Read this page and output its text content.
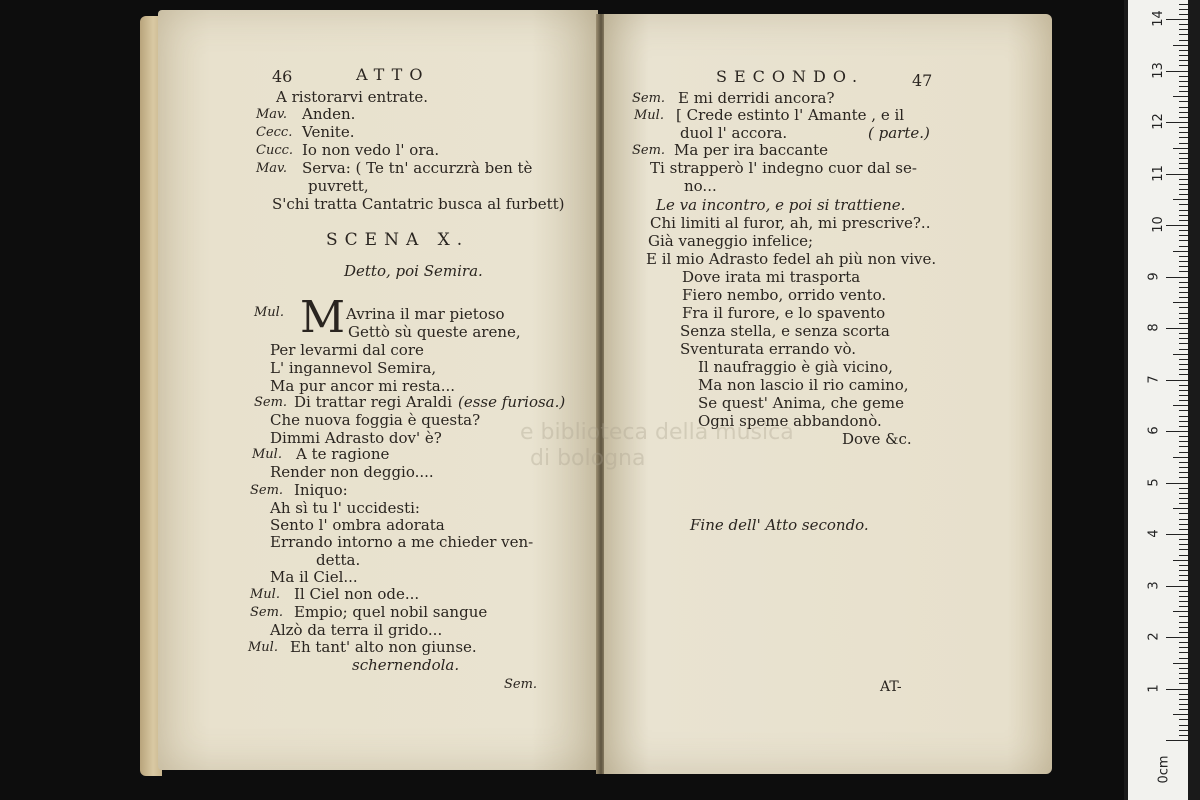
46	ATTO
A ristorarvi entrate.
Mav. Anden.
Cecc. Venite.
Cucc. Io non vedo l' ora.
Mav. Serva: ( Te tn' accurzrà ben tè
puvrett,
S'chi tratta Cantatric busca al furbett)
SCENA X.
Detto, poi Semira.
Mul. M Avrina il mar pietoso
Gettò sù queste arene,
Per levarmi dal core
L' ingannevol Semira,
Ma pur ancor mi resta...
Sem. Di trattar regi Araldi (esse furiosa.)
Che nuova foggia è questa?
Dimmi Adrasto dov' è?
Mul. A te ragione
Render non deggio....
Sem. Iniquo:
Ah sì tu l' uccidesti:
Sento l' ombra adorata
Errando intorno a me chieder ven-
detta.
Ma il Ciel...
Mul. Il Ciel non ode...
Sem. Empio; quel nobil sangue
Alzò da terra il grido...
Mul. Eh tant' alto non giunse.
schernendola.
Sem.
SECONDO.	47
Sem. E mi derridi ancora?
Mul. [ Crede estinto l' Amante , e il
duol l' accora.	( parte.)
Sem. Ma per ira baccante
Ti strapperò l' indegno cuor dal se-
no...
Le va incontro, e poi si trattiene.
Chi limiti al furor, ah, mi prescrive?..
Già vaneggio infelice;
E il mio Adrasto fedel ah più non vive.
Dove irata mi trasporta
Fiero nembo, orrido vento.
Fra il furore, e lo spavento
Senza stella, e senza scorta
Sventurata errando vò.
Il naufraggio è già vicino,
Ma non lascio il rio camino,
Se quest' Anima, che geme
Ogni speme abbandonò.
Dove &c.
Fine dell' Atto secondo.
AT-
e biblioteca della musica
di bologna
0cm
1
2
3
4
5
6
7
8
9
10
11
12
13
14
